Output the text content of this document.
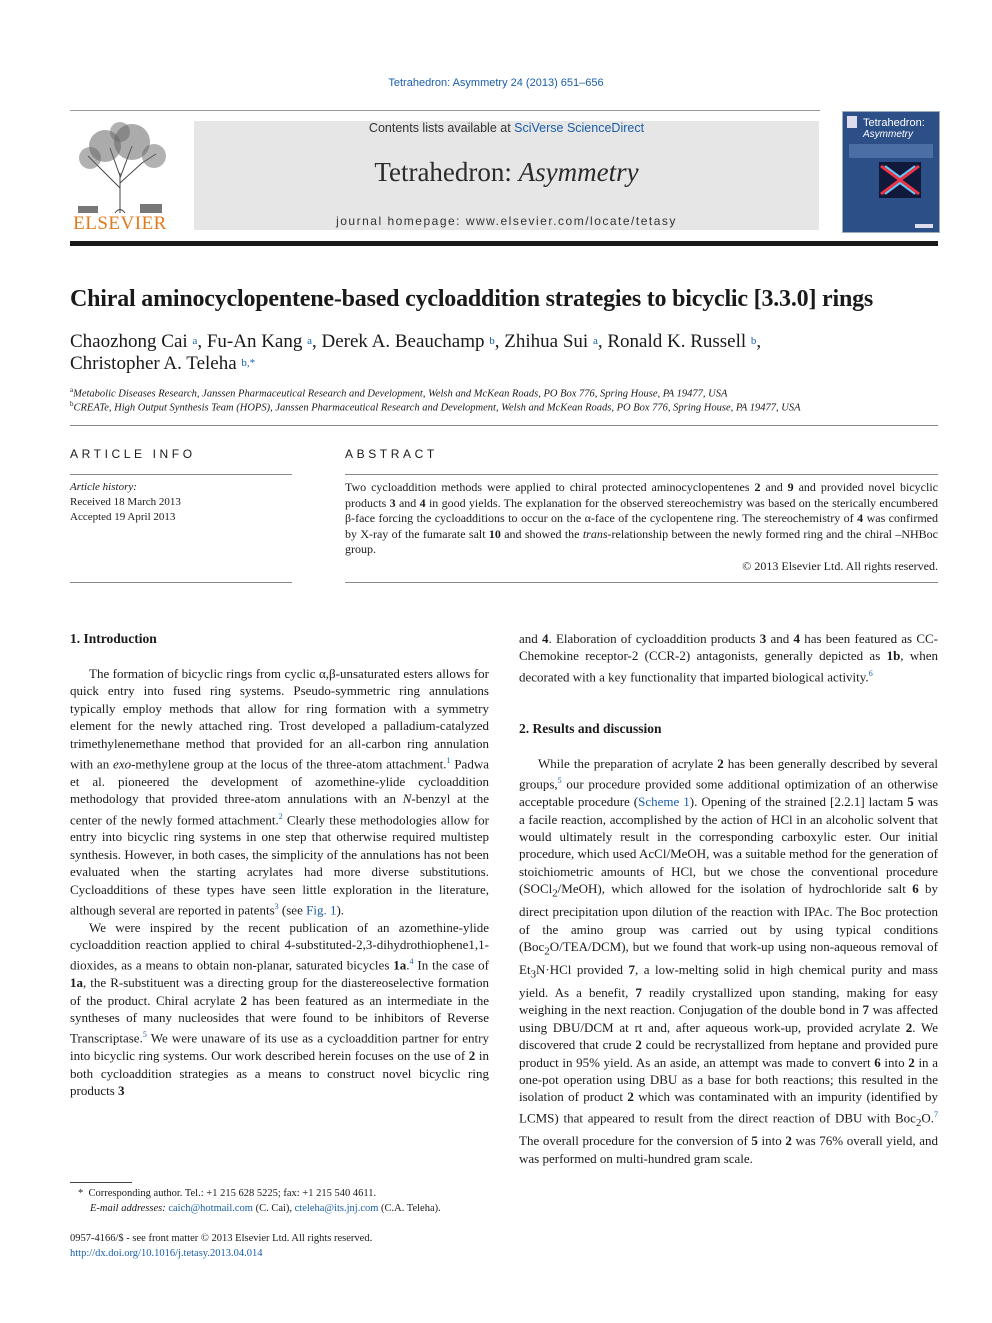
Tetrahedron: Asymmetry 24 (2013) 651–656
ELSEVIER
Contents lists available at SciVerse ScienceDirect
Tetrahedron: Asymmetry
journal homepage: www.elsevier.com/locate/tetasy
Tetrahedron:
Asymmetry
Chiral aminocyclopentene-based cycloaddition strategies to bicyclic [3.3.0] rings
Chaozhong Cai $^a$, Fu-An Kang $^a$, Derek A. Beauchamp $^b$, Zhihua Sui $^a$, Ronald K. Russell $^b$,
Christopher A. Teleha $^{b,*}$
$^a$Metabolic Diseases Research, Janssen Pharmaceutical Research and Development, Welsh and McKean Roads, PO Box 776, Spring House, PA 19477, USA
$^b$CREATe, High Output Synthesis Team (HOPS), Janssen Pharmaceutical Research and Development, Welsh and McKean Roads, PO Box 776, Spring House, PA 19477, USA
ARTICLE INFO
Article history:
Received 18 March 2013
Accepted 19 April 2013
ABSTRACT
Two cycloaddition methods were applied to chiral protected aminocyclopentenes 2 and 9 and provided novel bicyclic products 3 and 4 in good yields. The explanation for the observed stereochemistry was based on the sterically encumbered β-face forcing the cycloadditions to occur on the α-face of the cyclopentene ring. The stereochemistry of 4 was confirmed by X-ray of the fumarate salt 10 and showed the trans-relationship between the newly formed ring and the chiral –NHBoc group.
© 2013 Elsevier Ltd. All rights reserved.
1. Introduction

The formation of bicyclic rings from cyclic α,β-unsaturated esters allows for quick entry into fused ring systems. Pseudo-symmetric ring annulations typically employ methods that allow for ring formation with a symmetry element for the newly attached ring. Trost developed a palladium-catalyzed trimethylenemethane method that provided for an all-carbon ring annulation with an exo-methylene group at the locus of the three-atom attachment.$^1$ Padwa et al. pioneered the development of azomethine-ylide cycloaddition methodology that provided three-atom annulations with an N-benzyl at the center of the newly formed attachment.$^2$ Clearly these methodologies allow for entry into bicyclic ring systems in one step that otherwise required multistep synthesis. However, in both cases, the simplicity of the annulations has not been evaluated when the starting acrylates had more diverse substitutions. Cycloadditions of these types have seen little exploration in the literature, although several are reported in patents$^3$ (see Fig. 1).

We were inspired by the recent publication of an azomethine-ylide cycloaddition reaction applied to chiral 4-substituted-2,3-dihydrothiophene1,1-dioxides, as a means to obtain non-planar, saturated bicycles 1a.$^4$ In the case of 1a, the R-substituent was a directing group for the diastereoselective formation of the product. Chiral acrylate 2 has been featured as an intermediate in the syntheses of many nucleosides that were found to be inhibitors of Reverse Transcriptase.$^5$ We were unaware of its use as a cycloaddition partner for entry into bicyclic ring systems. Our work described herein focuses on the use of 2 in both cycloaddition strategies as a means to construct novel bicyclic ring products 3

* Corresponding author. Tel.: +1 215 628 5225; fax: +1 215 540 4611.
E-mail addresses: caich@hotmail.com (C. Cai), cteleha@its.jnj.com (C.A. Teleha).
0957-4166/$ - see front matter © 2013 Elsevier Ltd. All rights reserved.
http://dx.doi.org/10.1016/j.tetasy.2013.04.014

and 4. Elaboration of cycloaddition products 3 and 4 has been featured as CC-Chemokine receptor-2 (CCR-2) antagonists, generally depicted as 1b, when decorated with a key functionality that imparted biological activity.$^6$

2. Results and discussion

While the preparation of acrylate 2 has been generally described by several groups,$^5$ our procedure provided some additional optimization of an otherwise acceptable procedure (Scheme 1). Opening of the strained [2.2.1] lactam 5 was a facile reaction, accomplished by the action of HCl in an alcoholic solvent that would ultimately result in the corresponding carboxylic ester. Our initial procedure, which used AcCl/MeOH, was a suitable method for the generation of stoichiometric amounts of HCl, but we chose the conventional procedure (SOCl$_2$/MeOH), which allowed for the isolation of hydrochloride salt 6 by direct precipitation upon dilution of the reaction with IPAc. The Boc protection of the amino group was carried out by using typical conditions (Boc$_2$O/TEA/DCM), but we found that work-up using non-aqueous removal of $Et_3N\cdot HCl$ provided 7, a low-melting solid in high chemical purity and mass yield. As a benefit, 7 readily crystallized upon standing, making for easy weighing in the next reaction. Conjugation of the double bond in 7 was affected using DBU/DCM at rt and, after aqueous work-up, provided acrylate 2. We discovered that crude 2 could be recrystallized from heptane and provided pure product in 95% yield. As an aside, an attempt was made to convert 6 into 2 in a one-pot operation using DBU as a base for both reactions; this resulted in the isolation of product 2 which was contaminated with an impurity (identified by LCMS) that appeared to result from the direct reaction of DBU with Boc$_2$O.$^7$ The overall procedure for the conversion of 5 into 2 was 76% overall yield, and was performed on multi-hundred gram scale.
